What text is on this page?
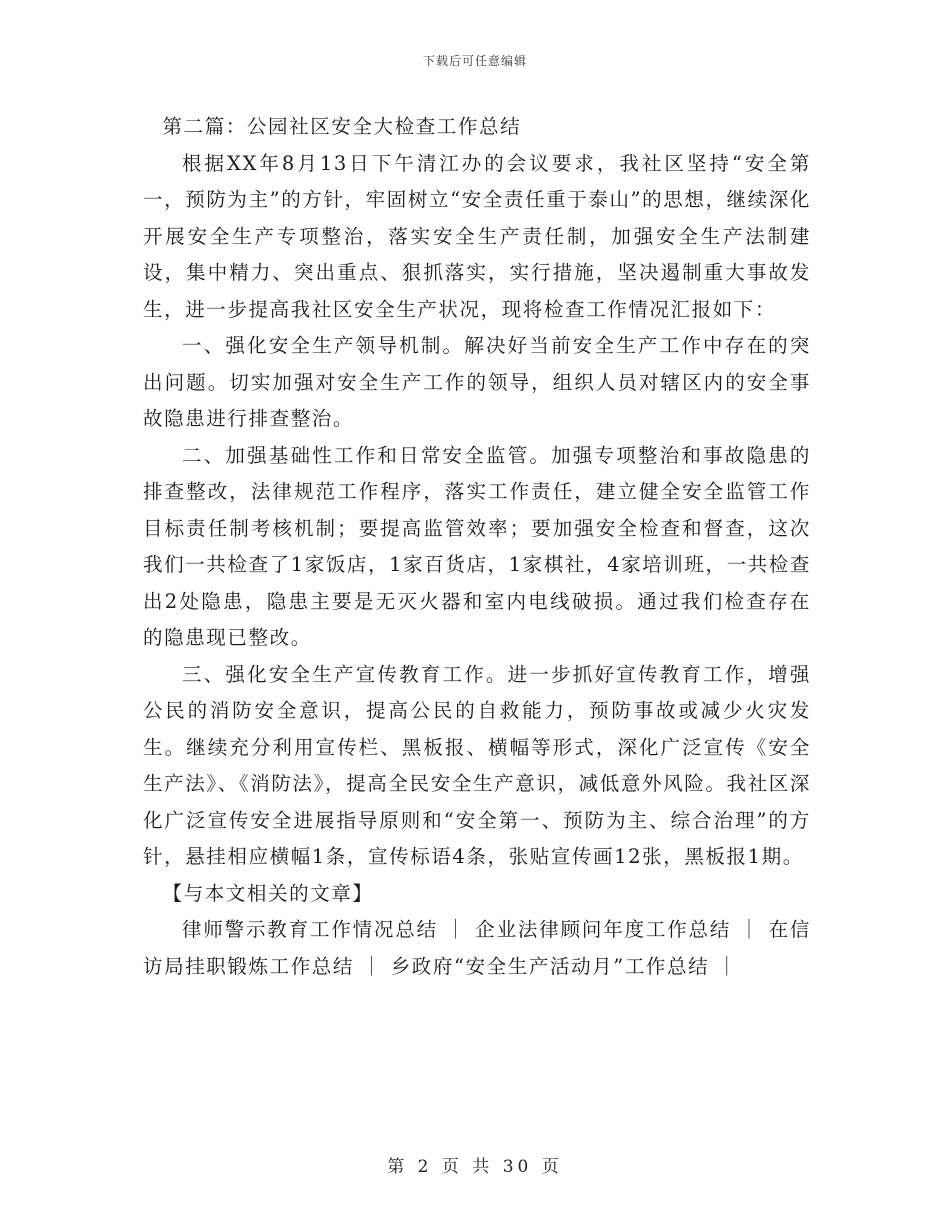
下载后可任意编辑

第二篇：公园社区安全大检查工作总结

根据XX年8月13日下午清江办的会议要求，我社区坚持“安全第一，预防为主”的方针，牢固树立“安全责任重于泰山”的思想，继续深化开展安全生产专项整治，落实安全生产责任制，加强安全生产法制建设，集中精力、突出重点、狠抓落实，实行措施，坚决遏制重大事故发生，进一步提高我社区安全生产状况，现将检查工作情况汇报如下：

一、强化安全生产领导机制。解决好当前安全生产工作中存在的突出问题。切实加强对安全生产工作的领导，组织人员对辖区内的安全事故隐患进行排查整治。

二、加强基础性工作和日常安全监管。加强专项整治和事故隐患的排查整改，法律规范工作程序，落实工作责任，建立健全安全监管工作目标责任制考核机制；要提高监管效率；要加强安全检查和督查，这次我们一共检查了1家饭店，1家百货店，1家棋社，4家培训班，一共检查出2处隐患，隐患主要是无灭火器和室内电线破损。通过我们检查存在的隐患现已整改。

三、强化安全生产宣传教育工作。进一步抓好宣传教育工作，增强公民的消防安全意识，提高公民的自救能力，预防事故或减少火灾发生。继续充分利用宣传栏、黑板报、横幅等形式，深化广泛宣传《安全生产法》、《消防法》，提高全民安全生产意识，减低意外风险。我社区深化广泛宣传安全进展指导原则和“安全第一、预防为主、综合治理”的方针，悬挂相应横幅1条，宣传标语4条，张贴宣传画12张，黑板报1期。

【与本文相关的文章】

律师警示教育工作情况总结 ｜ 企业法律顾问年度工作总结 ｜ 在信访局挂职锻炼工作总结 ｜ 乡政府“安全生产活动月”工作总结 ｜

第 2 页 共 30 页
